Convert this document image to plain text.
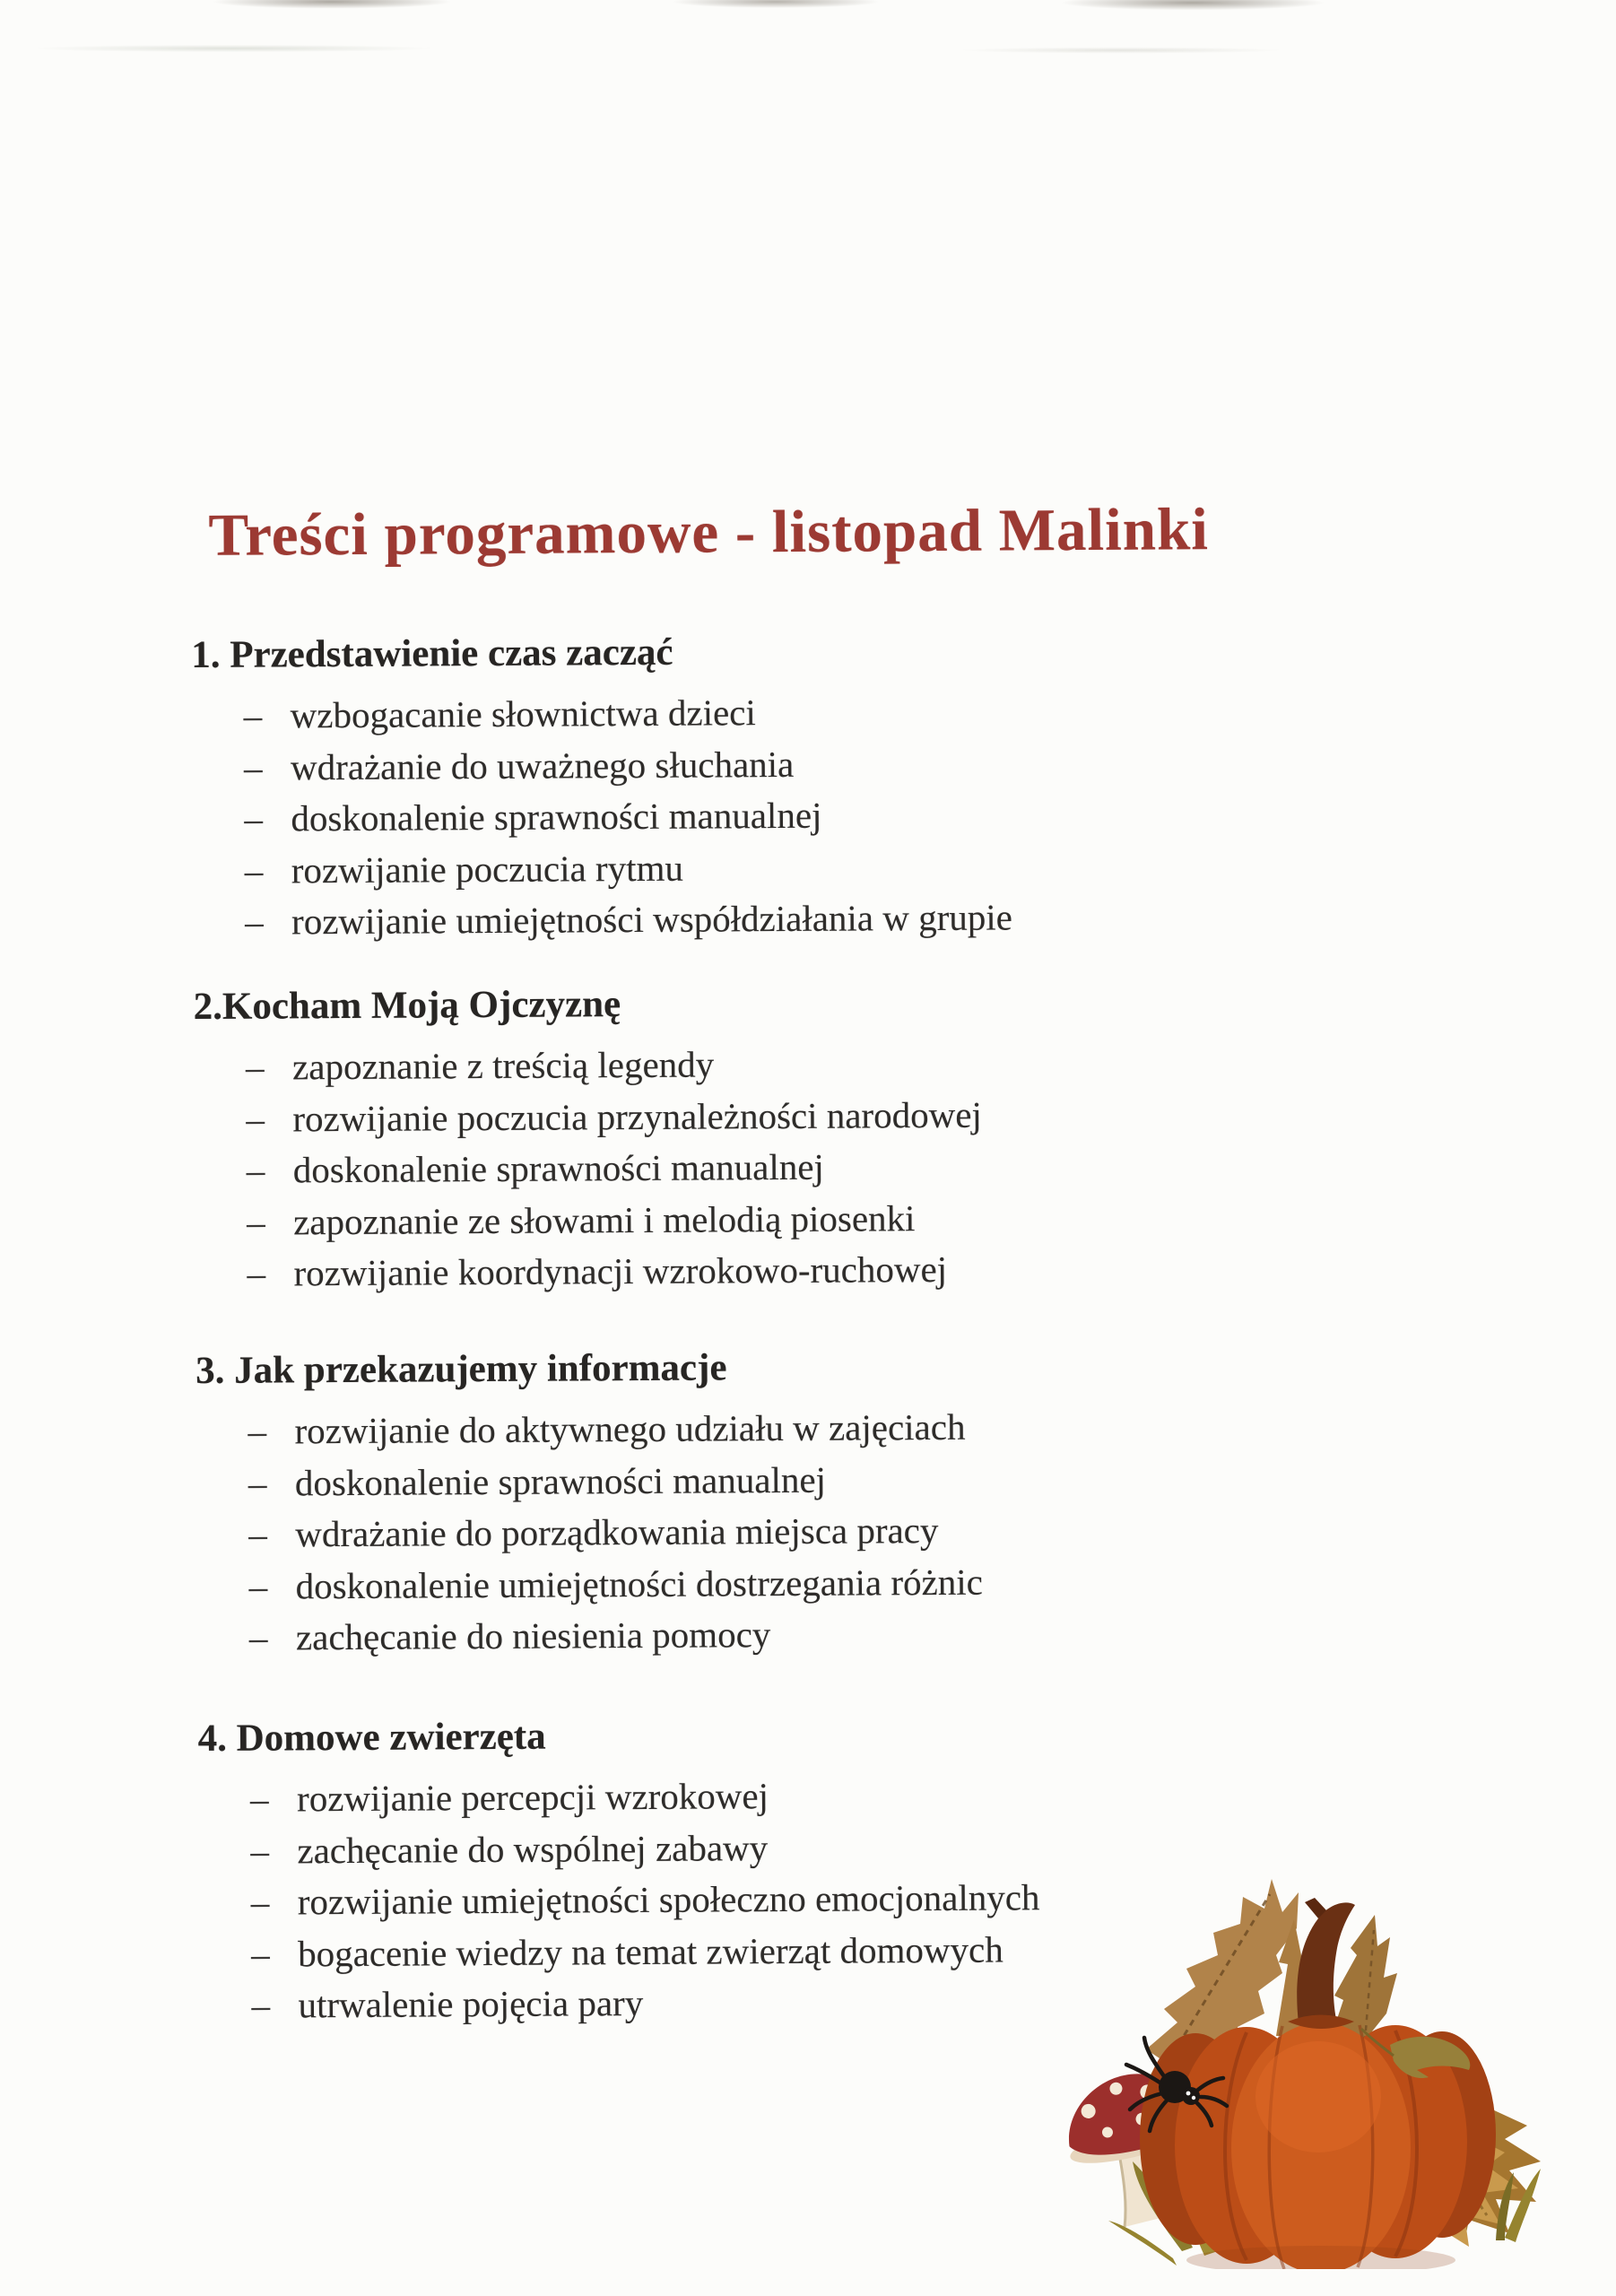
Treści programowe - listopad Malinki
1. Przedstawienie czas zacząć
– wzbogacanie słownictwa dzieci
– wdrażanie do uważnego słuchania
– doskonalenie sprawności manualnej
– rozwijanie poczucia rytmu
– rozwijanie umiejętności współdziałania w grupie
2.Kocham Moją Ojczyznę
– zapoznanie z treścią legendy
– rozwijanie poczucia przynależności narodowej
– doskonalenie sprawności manualnej
– zapoznanie ze słowami i melodią piosenki
– rozwijanie koordynacji wzrokowo-ruchowej
3. Jak przekazujemy informacje
– rozwijanie do aktywnego udziału w zajęciach
– doskonalenie sprawności manualnej
– wdrażanie do porządkowania miejsca pracy
– doskonalenie umiejętności dostrzegania różnic
– zachęcanie do niesienia pomocy
4. Domowe zwierzęta
– rozwijanie percepcji wzrokowej
– zachęcanie do wspólnej zabawy
– rozwijanie umiejętności społeczno emocjonalnych
– bogacenie wiedzy na temat zwierząt domowych
– utrwalenie pojęcia pary
